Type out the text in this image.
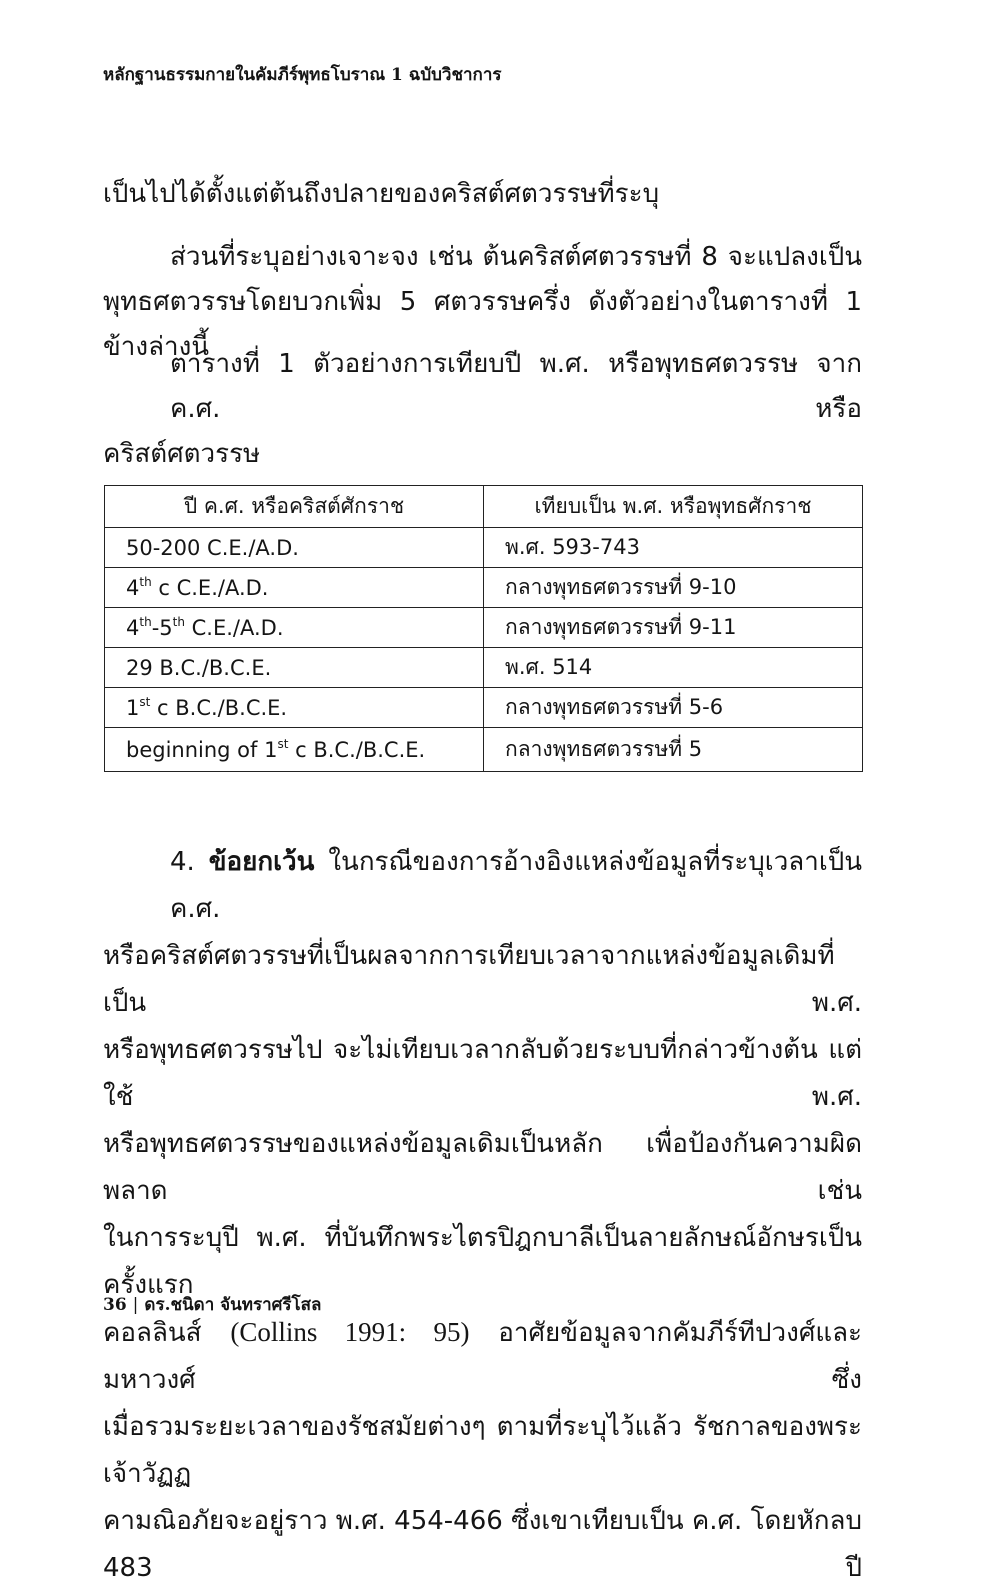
หลักฐานธรรมกายในคัมภีร์พุทธโบราณ 1 ฉบับวิชาการ
เป็นไปได้ตั้งแต่ต้นถึงปลายของคริสต์ศตวรรษที่ระบุ
ส่วนที่ระบุอย่างเจาะจง เช่น ต้นคริสต์ศตวรรษที่ 8 จะแปลงเป็น
พุทธศตวรรษโดยบวกเพิ่ม 5 ศตวรรษครึ่ง ดังตัวอย่างในตารางที่ 1 ข้างล่างนี้
ตารางที่ 1 ตัวอย่างการเทียบปี พ.ศ. หรือพุทธศตวรรษ จาก ค.ศ. หรือ
คริสต์ศตวรรษ
ปี ค.ศ. หรือคริสต์ศักราช	เทียบเป็น พ.ศ. หรือพุทธศักราช
50-200 C.E./A.D.	พ.ศ. 593-743
4th c C.E./A.D.	กลางพุทธศตวรรษที่ 9-10
4th-5th C.E./A.D.	กลางพุทธศตวรรษที่ 9-11
29 B.C./B.C.E.	พ.ศ. 514
1st c B.C./B.C.E.	กลางพุทธศตวรรษที่ 5-6
beginning of 1st c B.C./B.C.E.	กลางพุทธศตวรรษที่ 5
4. ข้อยกเว้น ในกรณีของการอ้างอิงแหล่งข้อมูลที่ระบุเวลาเป็น ค.ศ.
หรือคริสต์ศตวรรษที่เป็นผลจากการเทียบเวลาจากแหล่งข้อมูลเดิมที่เป็น พ.ศ.
หรือพุทธศตวรรษไป จะไม่เทียบเวลากลับด้วยระบบที่กล่าวข้างต้น แต่ใช้ พ.ศ.
หรือพุทธศตวรรษของแหล่งข้อมูลเดิมเป็นหลัก เพื่อป้องกันความผิดพลาด เช่น
ในการระบุปี พ.ศ. ที่บันทึกพระไตรปิฎกบาลีเป็นลายลักษณ์อักษรเป็นครั้งแรก
คอลลินส์ (Collins 1991: 95) อาศัยข้อมูลจากคัมภีร์ทีปวงศ์และมหาวงศ์ ซึ่ง
เมื่อรวมระยะเวลาของรัชสมัยต่างๆ ตามที่ระบุไว้แล้ว รัชกาลของพระเจ้าวัฏฏ
คามณิอภัยจะอยู่ราว พ.ศ. 454-466 ซึ่งเขาเทียบเป็น ค.ศ. โดยหักลบ 483 ปี
36 | ดร.ชนิดา จันทราศรีโสล
